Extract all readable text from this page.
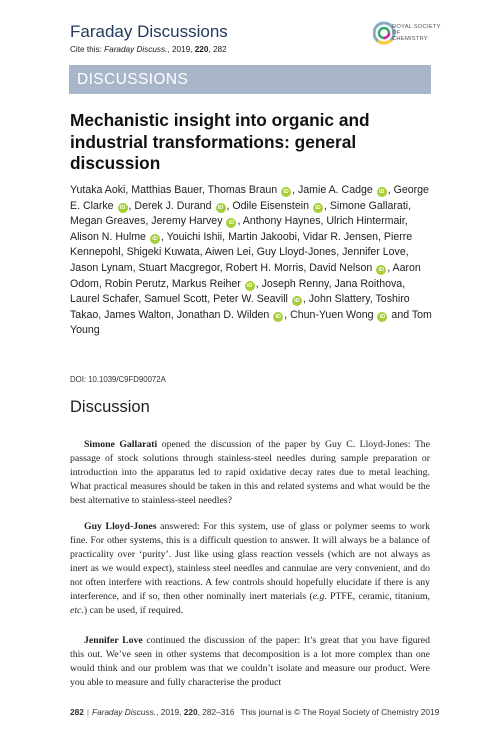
Faraday Discussions
Cite this: Faraday Discuss., 2019, 220, 282
ROYAL SOCIETY
OF
CHEMISTRY
DISCUSSIONS
Mechanistic insight into organic and industrial transformations: general discussion
Yutaka Aoki, Matthias Bauer, Thomas Braun iD , Jamie A. Cadge iD , George E. Clarke iD , Derek J. Durand iD , Odile Eisenstein iD , Simone Gallarati, Megan Greaves, Jeremy Harvey iD , Anthony Haynes, Ulrich Hintermair, Alison N. Hulme iD , Youichi Ishii, Martin Jakoobi, Vidar R. Jensen, Pierre Kennepohl, Shigeki Kuwata, Aiwen Lei, Guy Lloyd-Jones, Jennifer Love, Jason Lynam, Stuart Macgregor, Robert H. Morris, David Nelson iD , Aaron Odom, Robin Perutz, Markus Reiher iD , Joseph Renny, Jana Roithova, Laurel Schafer, Samuel Scott, Peter W. Seavill iD , John Slattery, Toshiro Takao, James Walton, Jonathan D. Wilden iD , Chun-Yuen Wong iD and Tom Young
DOI: 10.1039/C9FD90072A
Discussion

Simone Gallarati opened the discussion of the paper by Guy C. Lloyd-Jones: The passage of stock solutions through stainless-steel needles during sample preparation or introduction into the apparatus led to rapid oxidative decay rates due to metal leaching. What practical measures should be taken in this and related systems and what would be the best alternative to stainless-steel needles?

Guy Lloyd-Jones answered: For this system, use of glass or polymer seems to work fine. For other systems, this is a difficult question to answer. It will always be a balance of practicality over ‘purity’. Just like using glass reaction vessels (which are not always as inert as we would expect), stainless steel needles and cannulae are very convenient, and do not often interfere with reactions. A few controls should hopefully elucidate if there is any interference, and if so, then other nominally inert materials (e.g. PTFE, ceramic, titanium, etc.) can be used, if required.

Jennifer Love continued the discussion of the paper: It’s great that you have figured this out. We’ve seen in other systems that decomposition is a lot more complex than one would think and our problem was that we couldn’t isolate and measure our product. Were you able to measure and fully characterise the product

282 | Faraday Discuss., 2019, 220, 282–316 This journal is © The Royal Society of Chemistry 2019
